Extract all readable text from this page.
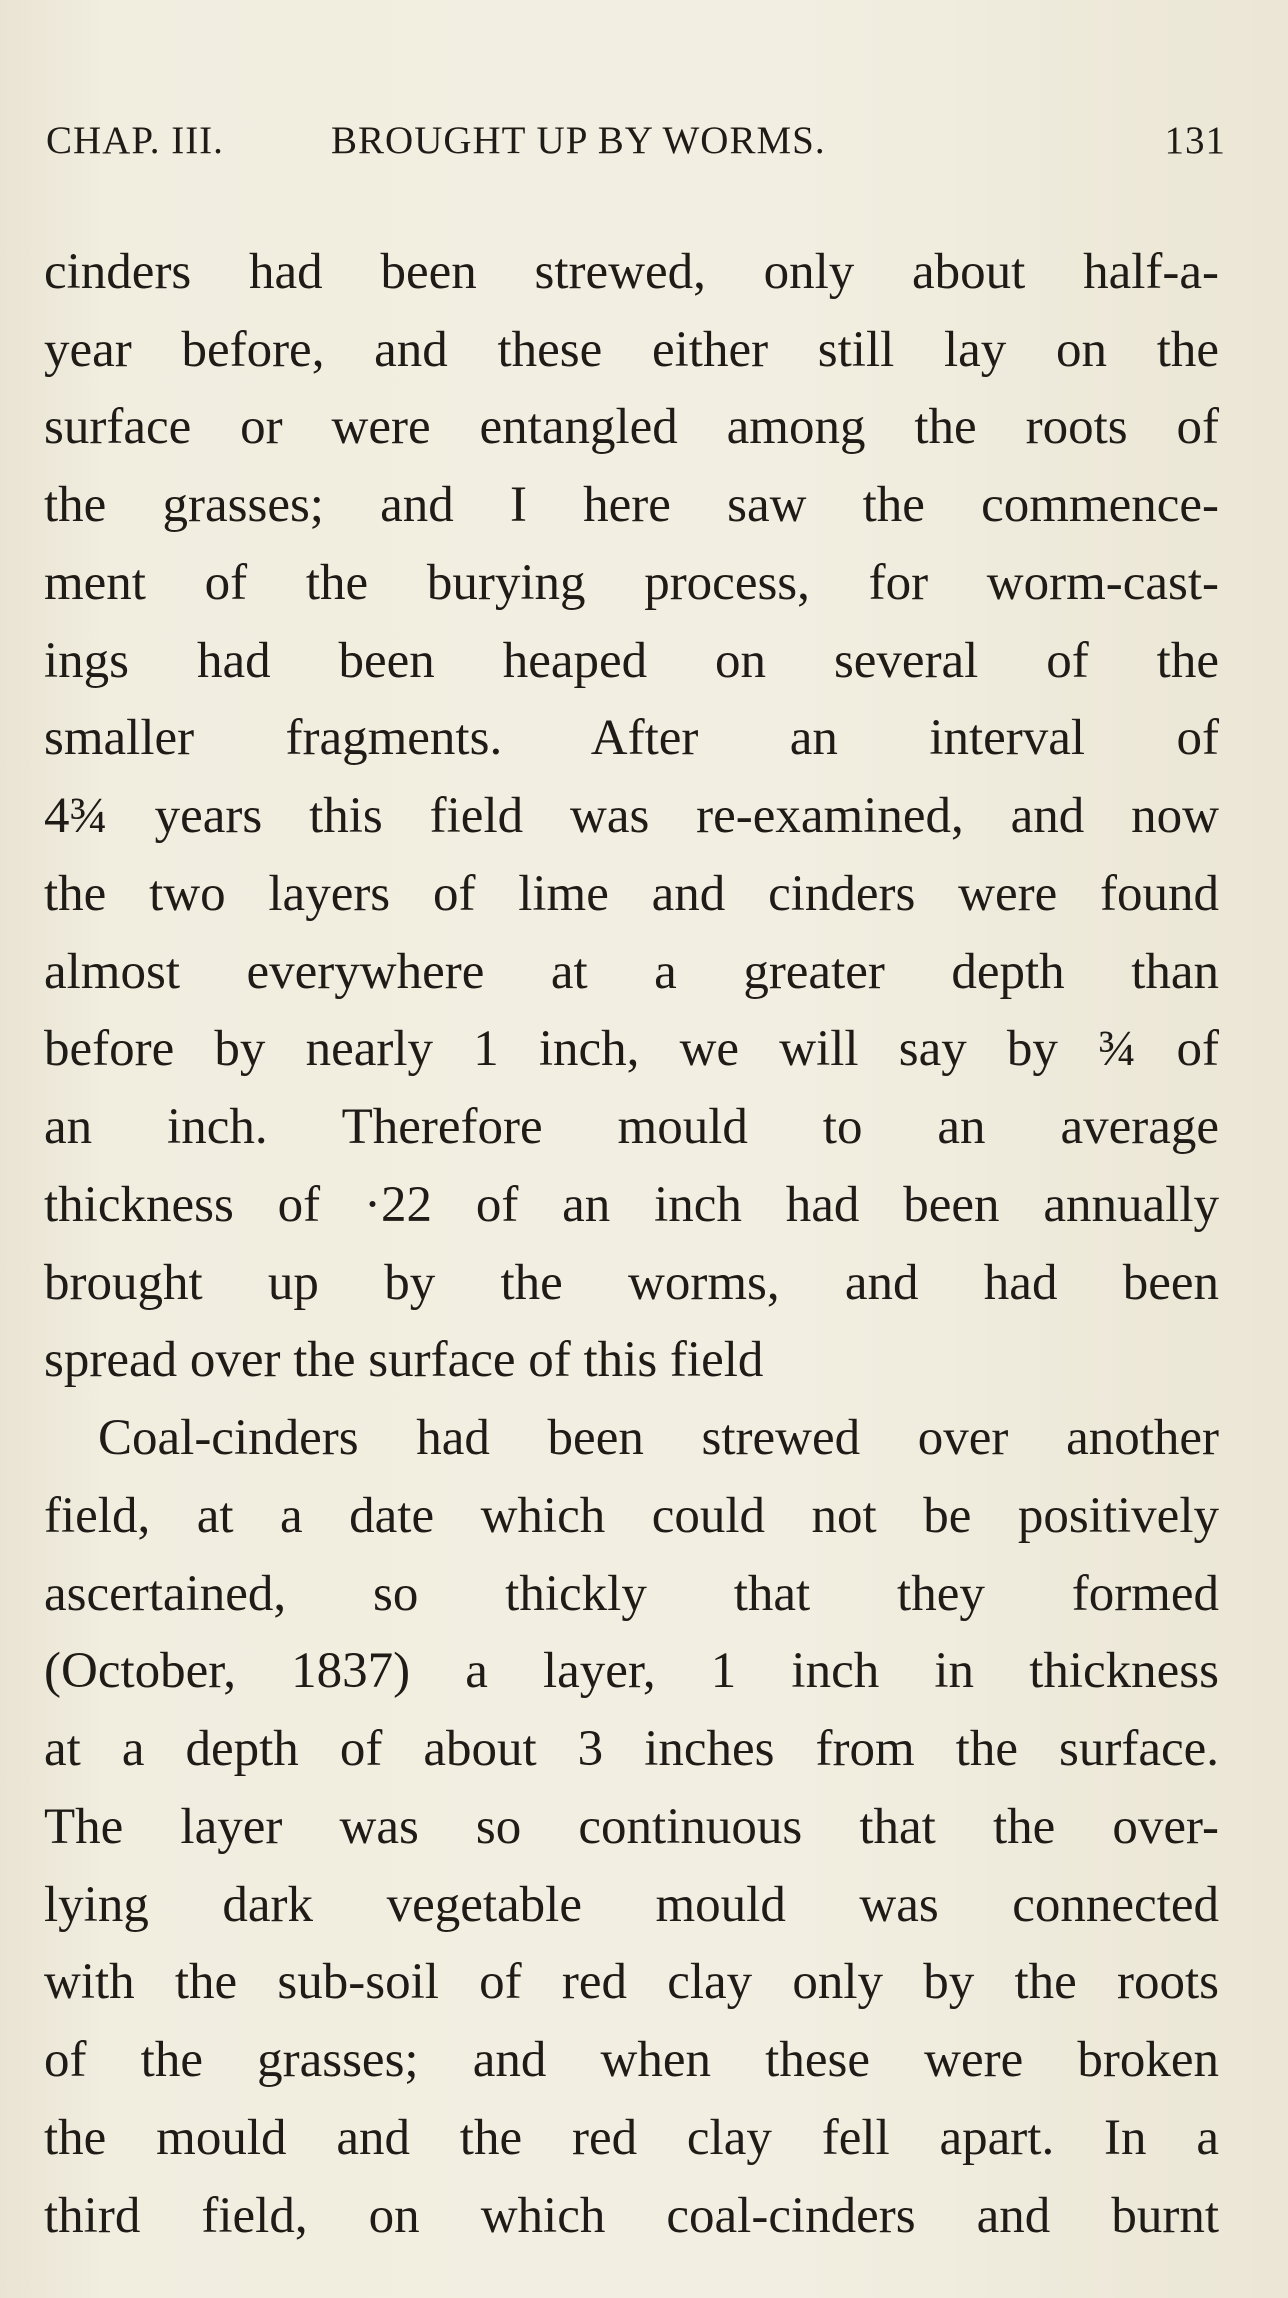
CHAP. III.	BROUGHT UP BY WORMS.	131
cinders had been strewed, only about half-a-
year before, and these either still lay on the
surface or were entangled among the roots of
the grasses; and I here saw the commence-
ment of the burying process, for worm-cast-
ings had been heaped on several of the
smaller fragments. After an interval of
4¾ years this field was re-examined, and now
the two layers of lime and cinders were found
almost everywhere at a greater depth than
before by nearly 1 inch, we will say by ¾ of
an inch. Therefore mould to an average
thickness of ·22 of an inch had been annually
brought up by the worms, and had been
spread over the surface of this field
Coal-cinders had been strewed over another
field, at a date which could not be positively
ascertained, so thickly that they formed
(October, 1837) a layer, 1 inch in thickness
at a depth of about 3 inches from the surface.
The layer was so continuous that the over-
lying dark vegetable mould was connected
with the sub-soil of red clay only by the roots
of the grasses; and when these were broken
the mould and the red clay fell apart. In a
third field, on which coal-cinders and burnt
